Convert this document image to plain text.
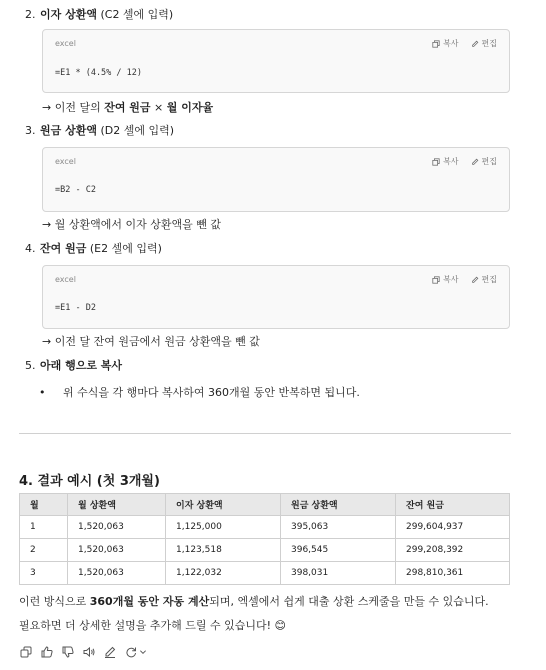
2. 이자 상환액 (C2 셀에 입력)
excel	복사	편집
=E1 * (4.5% / 12)
→ 이전 달의 잔여 원금 × 월 이자율
3. 원금 상환액 (D2 셀에 입력)
excel	복사	편집
=B2 - C2
→ 월 상환액에서 이자 상환액을 뺀 값
4. 잔여 원금 (E2 셀에 입력)
excel	복사	편집
=E1 - D2
→ 이전 달 잔여 원금에서 원금 상환액을 뺀 값
5. 아래 행으로 복사
• 위 수식을 각 행마다 복사하여 360개월 동안 반복하면 됩니다.
4. 결과 예시 (첫 3개월)
월	월 상환액	이자 상환액	원금 상환액	잔여 원금
1	1,520,063	1,125,000	395,063	299,604,937
2	1,520,063	1,123,518	396,545	299,208,392
3	1,520,063	1,122,032	398,031	298,810,361
이런 방식으로 360개월 동안 자동 계산되며, 엑셀에서 쉽게 대출 상환 스케줄을 만들 수 있습니다.
필요하면 더 상세한 설명을 추가해 드릴 수 있습니다! 😊
